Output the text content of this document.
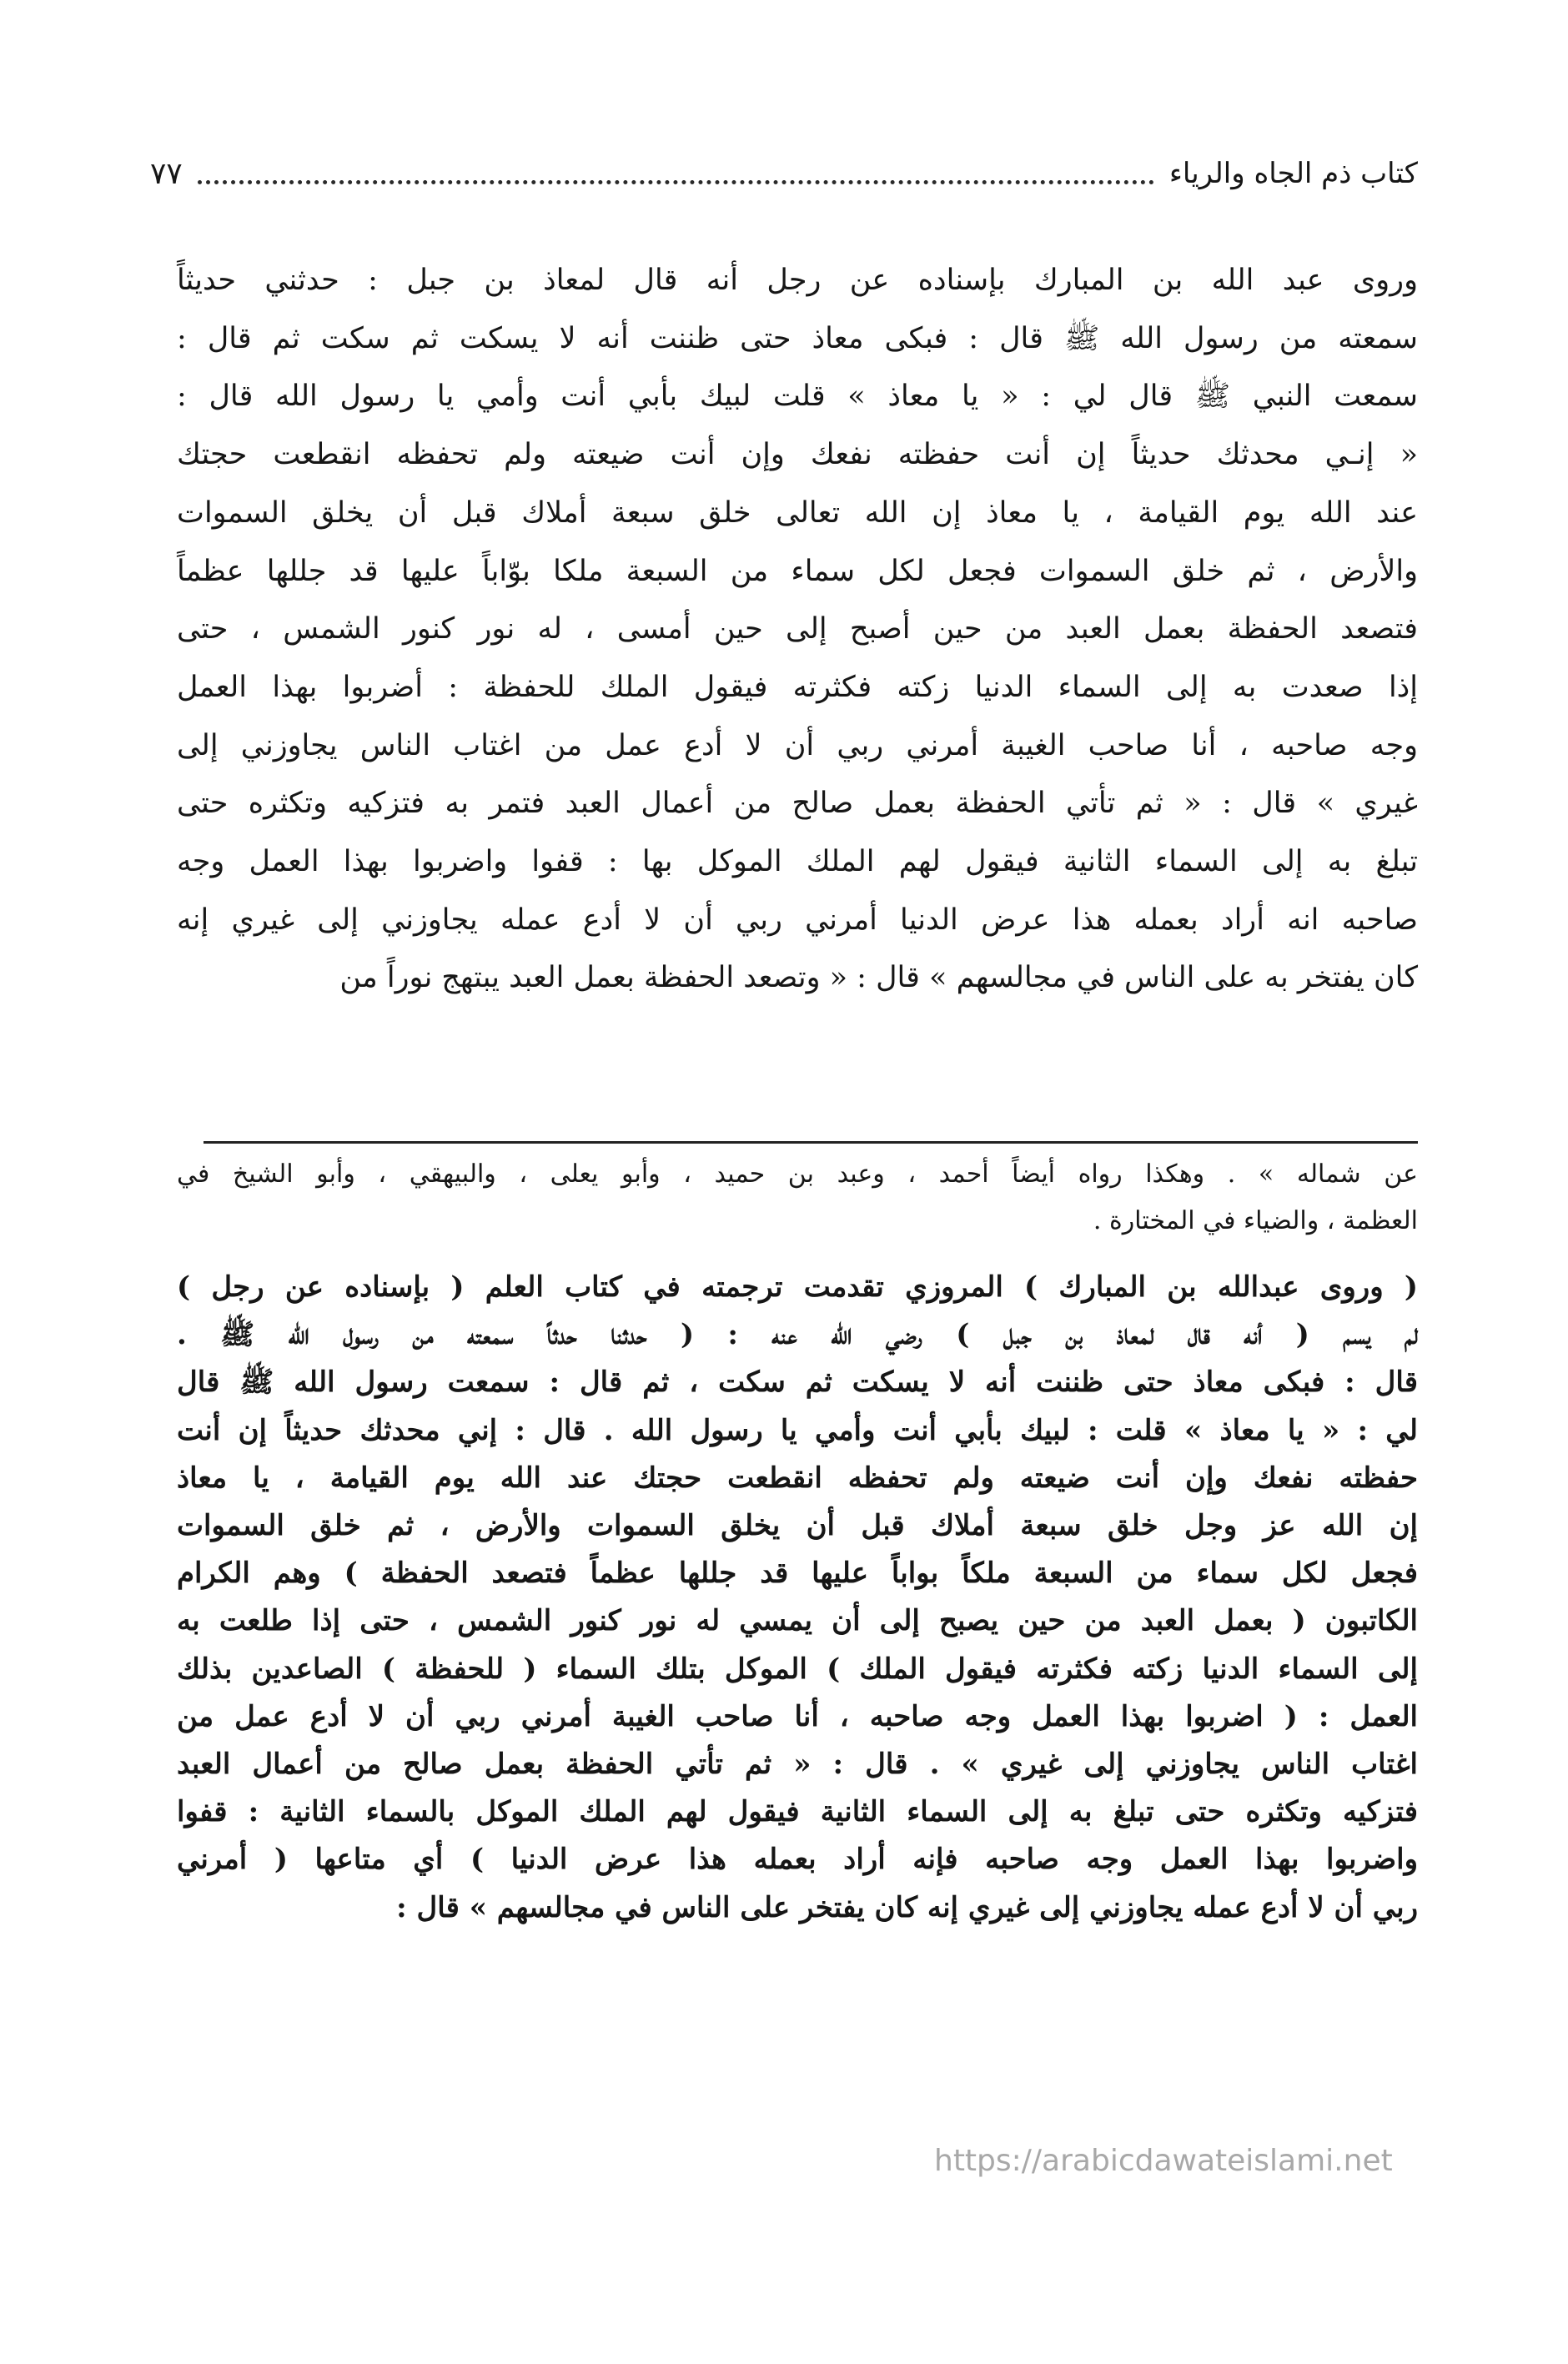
كتاب ذم الجاه والرياء
٧٧

وروى عبد الله بن المبارك بإسناده عن رجل أنه قال لمعاذ بن جبل : حدثني حديثاً

سمعته من رسول الله ﷺ قال : فبكى معاذ حتى ظننت أنه لا يسكت ثم سكت ثم قال :

سمعت النبي ﷺ قال لي : « يا معاذ » قلت لبيك بأبي أنت وأمي يا رسول الله قال :

« إنـي محدثك حديثاً إن أنت حفظته نفعك وإن أنت ضيعته ولم تحفظه انقطعت حجتك

عند الله يوم القيامة ، يا معاذ إن الله تعالى خلق سبعة أملاك قبل أن يخلق السموات

والأرض ، ثم خلق السموات فجعل لكل سماء من السبعة ملكا بوّاباً عليها قد جللها عظماً

فتصعد الحفظة بعمل العبد من حين أصبح إلى حين أمسى ، له نور كنور الشمس ، حتى

إذا صعدت به إلى السماء الدنيا زكته فكثرته فيقول الملك للحفظة : أضربوا بهذا العمل

وجه صاحبه ، أنا صاحب الغيبة أمرني ربي أن لا أدع عمل من اغتاب الناس يجاوزني إلى

غيري » قال : « ثم تأتي الحفظة بعمل صالح من أعمال العبد فتمر به فتزكيه وتكثره حتى

تبلغ به إلى السماء الثانية فيقول لهم الملك الموكل بها : قفوا واضربوا بهذا العمل وجه

صاحبه انه أراد بعمله هذا عرض الدنيا أمرني ربي أن لا أدع عمله يجاوزني إلى غيري إنه

كان يفتخر به على الناس في مجالسهم » قال : « وتصعد الحفظة بعمل العبد يبتهج نوراً من

عن شماله » . وهكذا رواه أيضاً أحمد ، وعبد بن حميد ، وأبو يعلى ، والبيهقي ، وأبو الشيخ في

العظمة ، والضياء في المختارة .

( وروى عبدالله بن المبارك ) المروزي تقدمت ترجمته في كتاب العلم ( بإسناده عن رجل )

لم يسم ( أنه قال لمعاذ بن جبل ) رضي الله عنه : ( حدثنا حدثاً سمعته من رسول الله ﷺ .

قال : فبكى معاذ حتى ظننت أنه لا يسكت ثم سكت ، ثم قال : سمعت رسول الله ﷺ قال

لي : « يا معاذ » قلت : لبيك بأبي أنت وأمي يا رسول الله . قال : إني محدثك حديثاً إن أنت

حفظته نفعك وإن أنت ضيعته ولم تحفظه انقطعت حجتك عند الله يوم القيامة ، يا معاذ

إن الله عز وجل خلق سبعة أملاك قبل أن يخلق السموات والأرض ، ثم خلق السموات

فجعل لكل سماء من السبعة ملكاً بواباً عليها قد جللها عظماً فتصعد الحفظة ) وهم الكرام

الكاتبون ( بعمل العبد من حين يصبح إلى أن يمسي له نور كنور الشمس ، حتى إذا طلعت به

إلى السماء الدنيا زكته فكثرته فيقول الملك ) الموكل بتلك السماء ( للحفظة ) الصاعدين بذلك

العمل : ( اضربوا بهذا العمل وجه صاحبه ، أنا صاحب الغيبة أمرني ربي أن لا أدع عمل من

اغتاب الناس يجاوزني إلى غيري » . قال : « ثم تأتي الحفظة بعمل صالح من أعمال العبد

فتزكيه وتكثره حتى تبلغ به إلى السماء الثانية فيقول لهم الملك الموكل بالسماء الثانية : قفوا

واضربوا بهذا العمل وجه صاحبه فإنه أراد بعمله هذا عرض الدنيا ) أي متاعها ( أمرني

ربي أن لا أدع عمله يجاوزني إلى غيري إنه كان يفتخر على الناس في مجالسهم » قال :

https://arabicdawateislami.net
